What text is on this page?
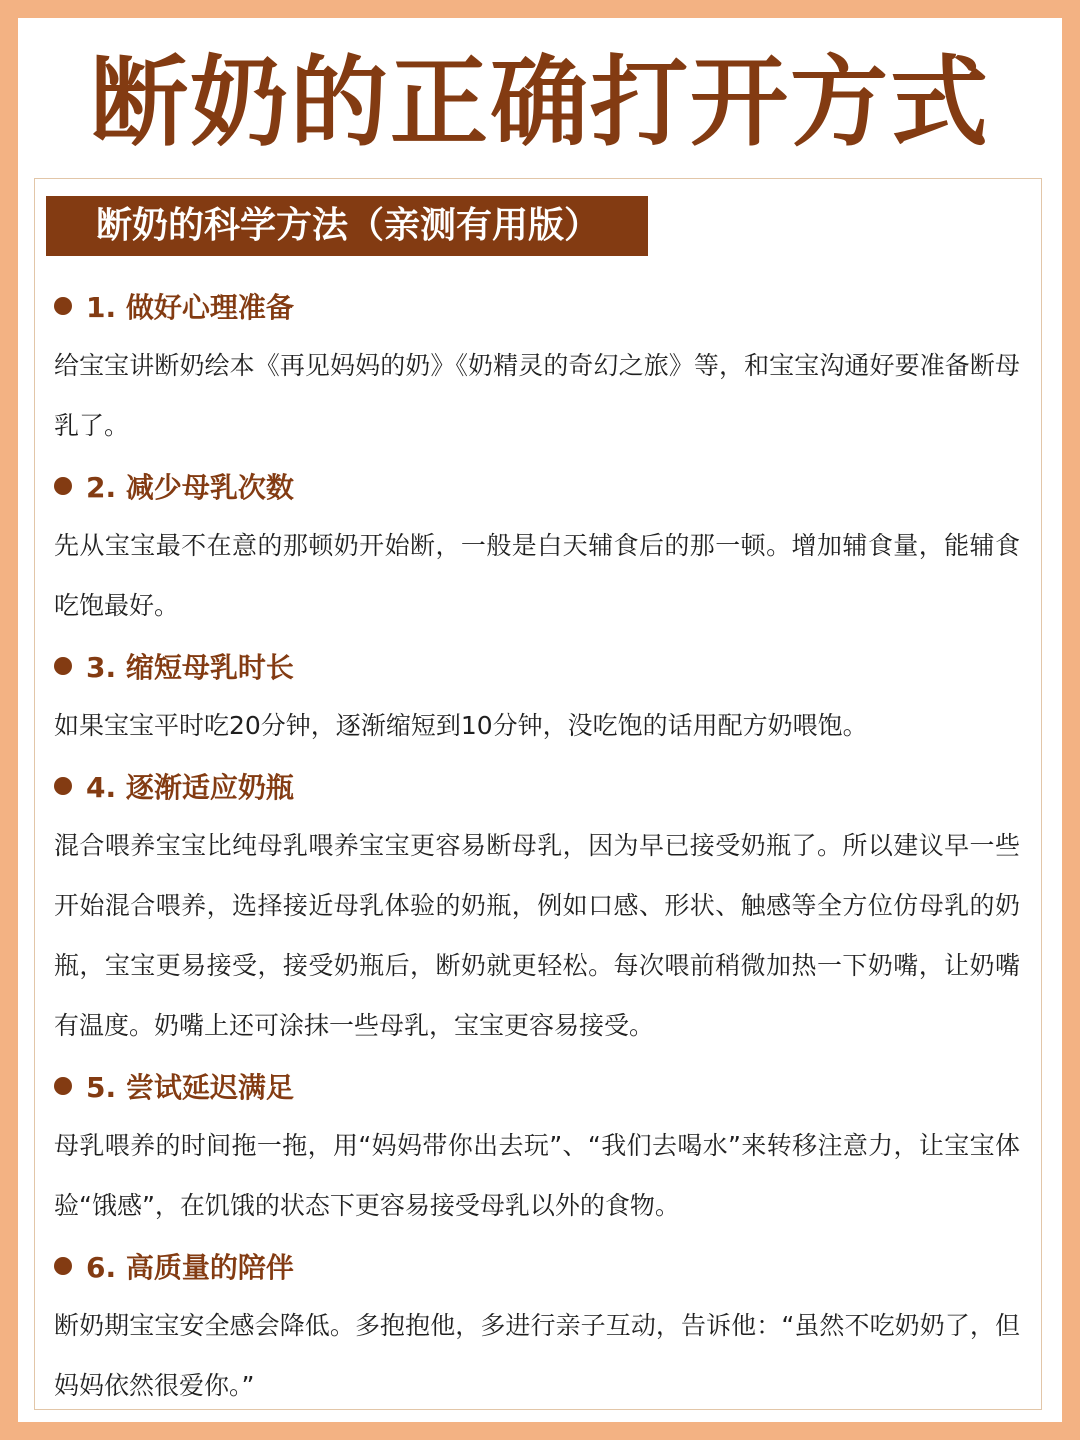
断奶的正确打开方式
断奶的科学方法（亲测有用版）
1. 做好心理准备

给宝宝讲断奶绘本《再见妈妈的奶》《奶精灵的奇幻之旅》等，和宝宝沟通好要准备断母乳了。

2. 减少母乳次数

先从宝宝最不在意的那顿奶开始断，一般是白天辅食后的那一顿。增加辅食量，能辅食吃饱最好。

3. 缩短母乳时长

如果宝宝平时吃20分钟，逐渐缩短到10分钟，没吃饱的话用配方奶喂饱。

4. 逐渐适应奶瓶

混合喂养宝宝比纯母乳喂养宝宝更容易断母乳，因为早已接受奶瓶了。所以建议早一些开始混合喂养，选择接近母乳体验的奶瓶，例如口感、形状、触感等全方位仿母乳的奶瓶，宝宝更易接受，接受奶瓶后，断奶就更轻松。每次喂前稍微加热一下奶嘴，让奶嘴有温度。奶嘴上还可涂抹一些母乳，宝宝更容易接受。

5. 尝试延迟满足

母乳喂养的时间拖一拖，用“妈妈带你出去玩”、“我们去喝水”来转移注意力，让宝宝体验“饿感”，在饥饿的状态下更容易接受母乳以外的食物。

6. 高质量的陪伴

断奶期宝宝安全感会降低。多抱抱他，多进行亲子互动，告诉他：“虽然不吃奶奶了，但妈妈依然很爱你。”
